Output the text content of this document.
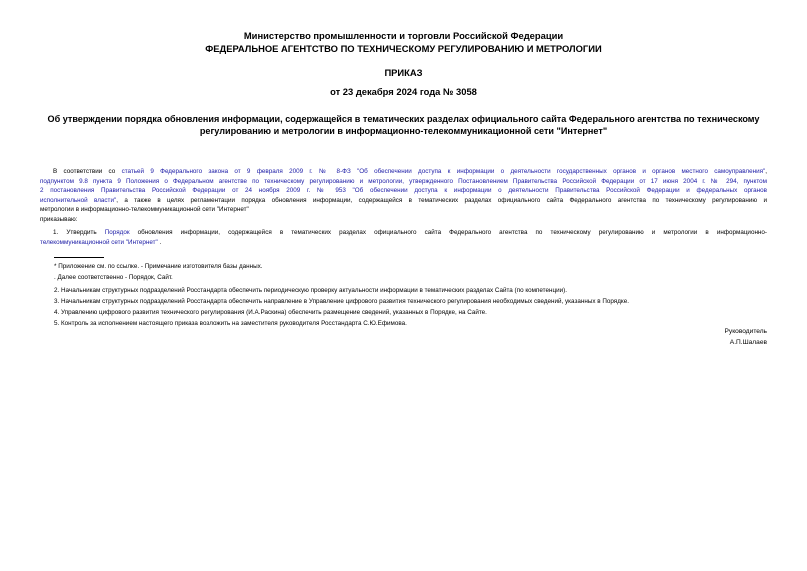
Министерство промышленности и торговли Российской Федерации
ФЕДЕРАЛЬНОЕ АГЕНТСТВО ПО ТЕХНИЧЕСКОМУ РЕГУЛИРОВАНИЮ И МЕТРОЛОГИИ
ПРИКАЗ
от 23 декабря 2024 года № 3058
Об утверждении порядка обновления информации, содержащейся в тематических разделах официального сайта Федерального агентства по техническому
регулированию и метрологии в информационно-телекоммуникационной сети "Интернет"
В соответствии со статьей 9 Федерального закона от 9 февраля 2009 г. № 8-ФЗ "Об обеспечении доступа к информации о деятельности государственных органов и органов местного самоуправления",
подпунктом 9.8 пункта 9 Положения о Федеральном агентстве по техническому регулированию и метрологии, утвержденного Постановлением Правительства Российской Федерации от 17 июня 2004 г. № 294, пунктом
2 постановления Правительства Российской Федерации от 24 ноября 2009 г. № 953 "Об обеспечении доступа к информации о деятельности Правительства Российской Федерации и федеральных органов
исполнительной власти", а также в целях регламентации порядка обновления информации, содержащейся в тематических разделах официального сайта Федерального агентства по техническому регулированию и
метрологии в информационно-телекоммуникационной сети "Интернет"
приказываю:
1. Утвердить Порядок обновления информации, содержащейся в тематических разделах официального сайта Федерального агентства по техническому регулированию и метрологии в информационно-
телекоммуникационной сети "Интернет" .
* Приложение см. по ссылке. - Примечание изготовителя базы данных.
. Далее соответственно - Порядок, Сайт.
2. Начальникам структурных подразделений Росстандарта обеспечить периодическую проверку актуальности информации в тематических разделах Сайта (по компетенции).
3. Начальникам структурных подразделений Росстандарта обеспечить направление в Управление цифрового развития технического регулирования необходимых сведений, указанных в Порядке.
4. Управлению цифрового развития технического регулирования (И.А.Раскина) обеспечить размещение сведений, указанных в Порядке, на Сайте.
5. Контроль за исполнением настоящего приказа возложить на заместителя руководителя Росстандарта С.Ю.Ефимова.
Руководитель
А.П.Шалаев
